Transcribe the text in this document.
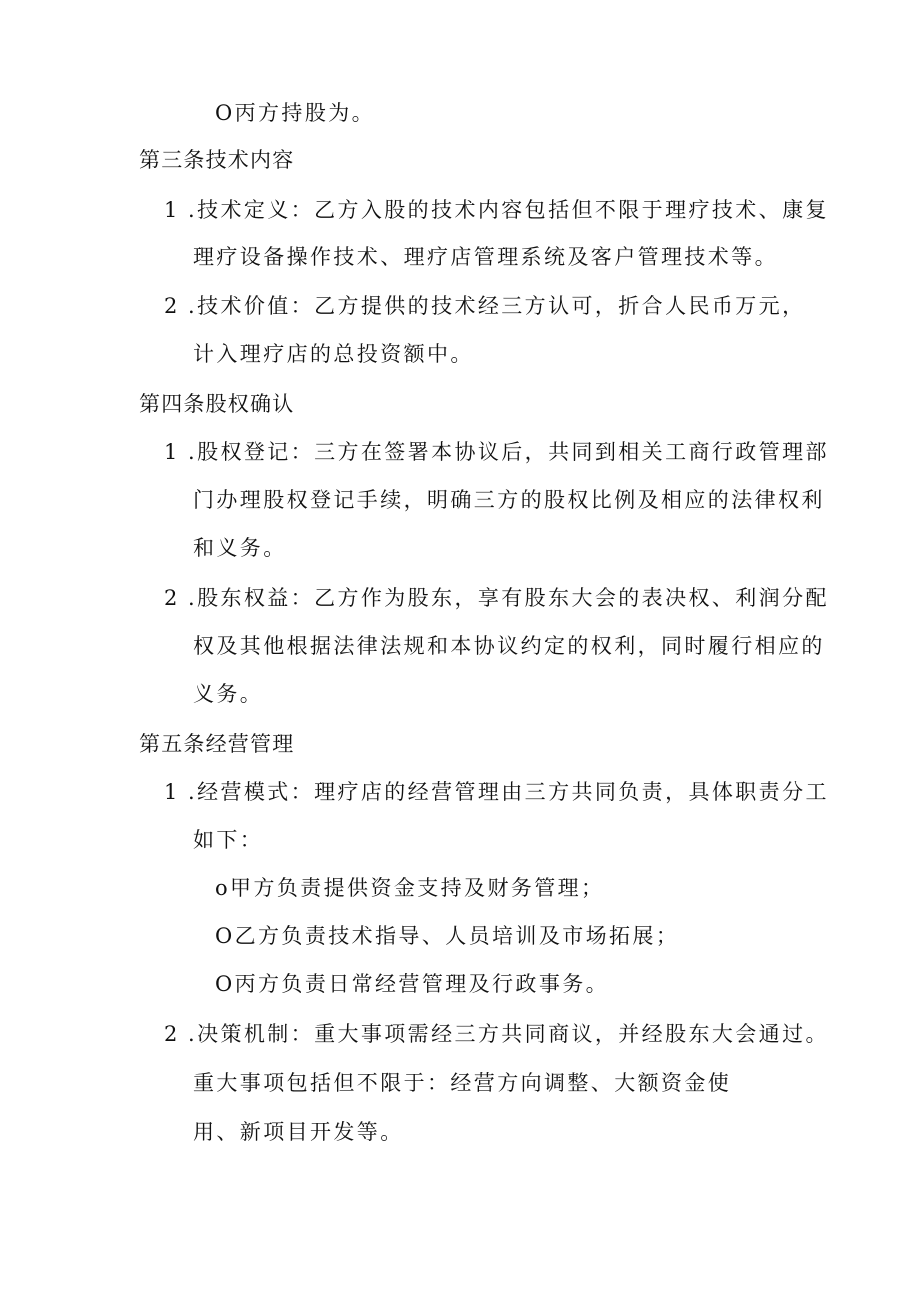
O丙方持股为。
第三条技术内容
1 .技术定义：乙方入股的技术内容包括但不限于理疗技术、康复
理疗设备操作技术、理疗店管理系统及客户管理技术等。
2 .技术价值：乙方提供的技术经三方认可，折合人民币万元，
计入理疗店的总投资额中。
第四条股权确认
1 .股权登记：三方在签署本协议后，共同到相关工商行政管理部
门办理股权登记手续，明确三方的股权比例及相应的法律权利
和义务。
2 .股东权益：乙方作为股东，享有股东大会的表决权、利润分配
权及其他根据法律法规和本协议约定的权利，同时履行相应的
义务。
第五条经营管理
1 .经营模式：理疗店的经营管理由三方共同负责，具体职责分工
如下：
o甲方负责提供资金支持及财务管理；
O乙方负责技术指导、人员培训及市场拓展；
O丙方负责日常经营管理及行政事务。
2 .决策机制：重大事项需经三方共同商议，并经股东大会通过。
重大事项包括但不限于：经营方向调整、大额资金使
用、新项目开发等。
